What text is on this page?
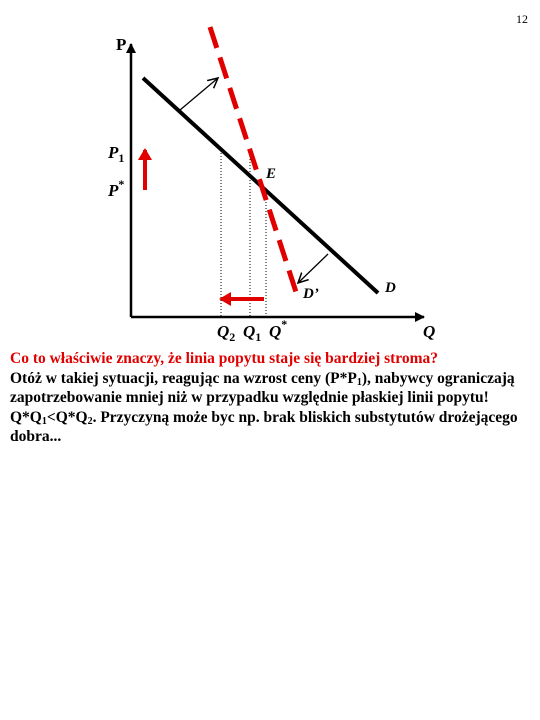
12
P
Q
$P_1$
P*
E
D
D’
$Q_2$ $Q_1$ Q*
Co to właściwie znaczy, że linia popytu staje się bardziej stroma?
Otóż w takiej sytuacji, reagując na wzrost ceny $(P*P_1)$, nabywcy ograniczają zapotrzebowanie mniej niż w przypadku względnie płaskiej linii popytu! $Q*Q_1<Q*Q_2$. Przyczyną może byc np. brak bliskich substytutów drożejącego dobra...
